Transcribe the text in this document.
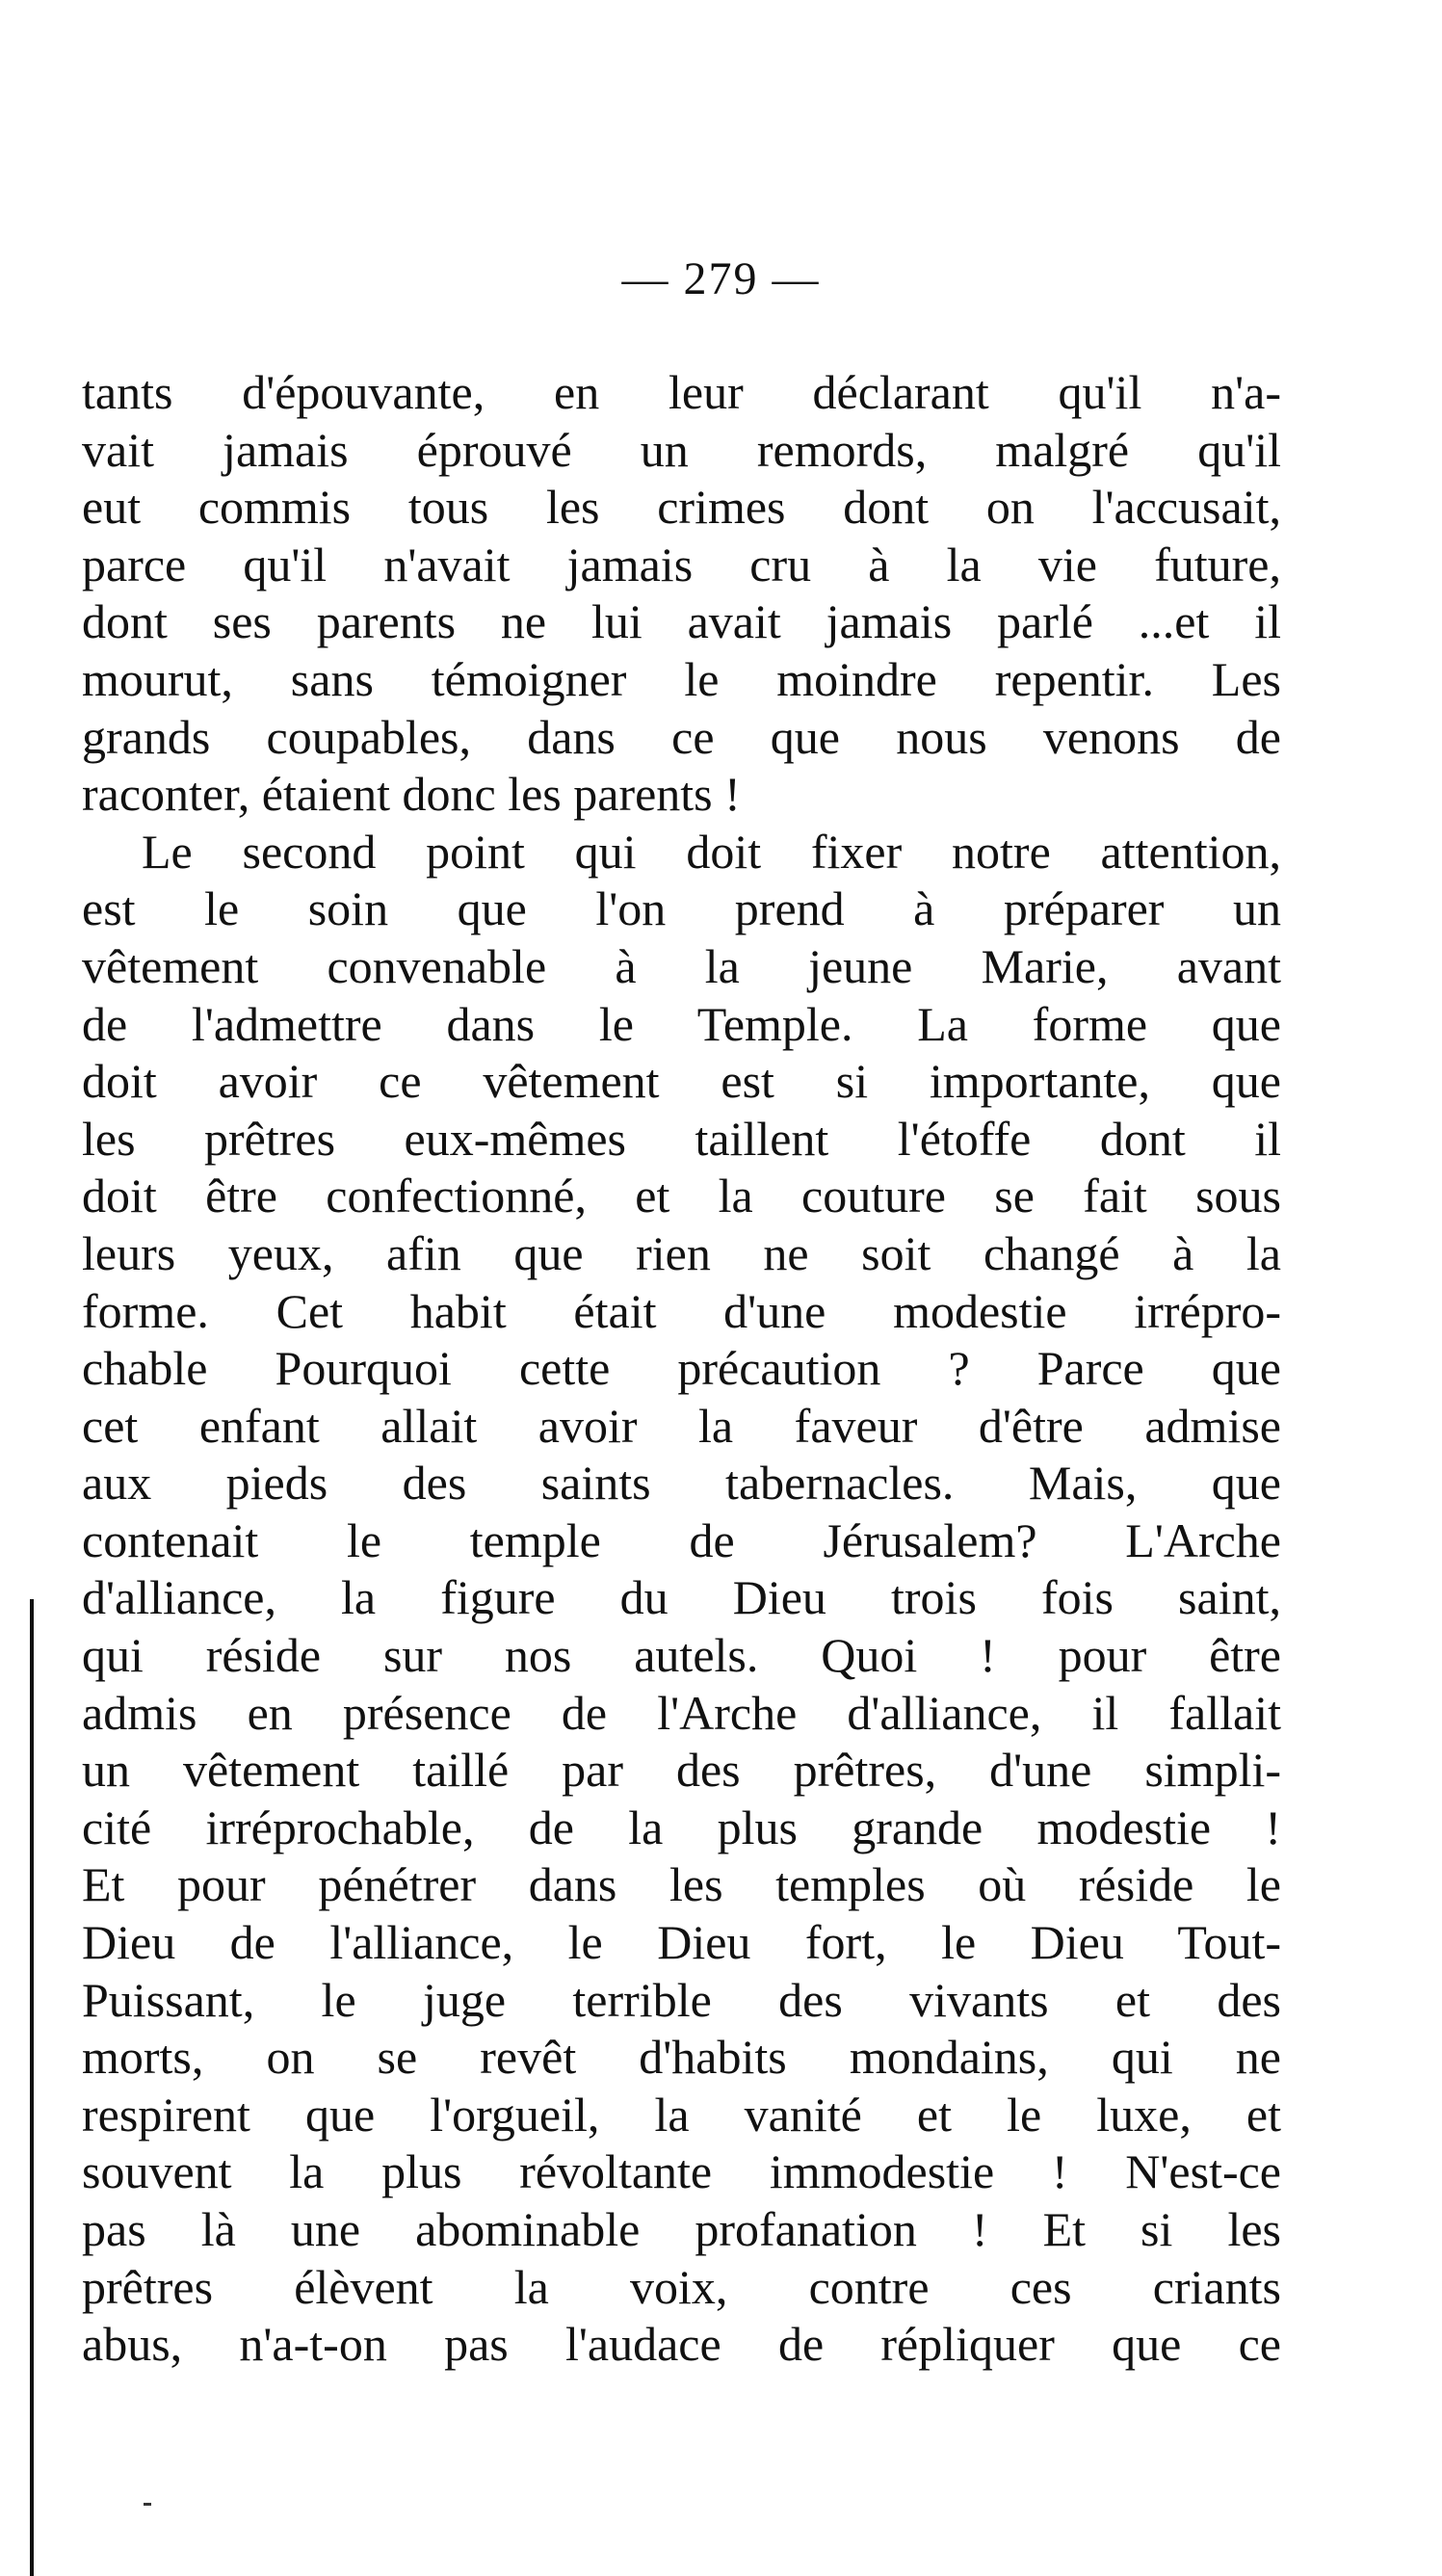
— 279 —
tants d'épouvante, en leur déclarant qu'il n'a-
vait jamais éprouvé un remords, malgré qu'il
eut commis tous les crimes dont on l'accusait,
parce qu'il n'avait jamais cru à la vie future,
dont ses parents ne lui avait jamais parlé ...et il
mourut, sans témoigner le moindre repentir. Les
grands coupables, dans ce que nous venons de
raconter, étaient donc les parents !
Le second point qui doit fixer notre attention,
est le soin que l'on prend à préparer un
vêtement convenable à la jeune Marie, avant
de l'admettre dans le Temple. La forme que
doit avoir ce vêtement est si importante, que
les prêtres eux-mêmes taillent l'étoffe dont il
doit être confectionné, et la couture se fait sous
leurs yeux, afin que rien ne soit changé à la
forme. Cet habit était d'une modestie irrépro-
chable Pourquoi cette précaution ? Parce que
cet enfant allait avoir la faveur d'être admise
aux pieds des saints tabernacles. Mais, que
contenait le temple de Jérusalem? L'Arche
d'alliance, la figure du Dieu trois fois saint,
qui réside sur nos autels. Quoi ! pour être
admis en présence de l'Arche d'alliance, il fallait
un vêtement taillé par des prêtres, d'une simpli-
cité irréprochable, de la plus grande modestie !
Et pour pénétrer dans les temples où réside le
Dieu de l'alliance, le Dieu fort, le Dieu Tout-
Puissant, le juge terrible des vivants et des
morts, on se revêt d'habits mondains, qui ne
respirent que l'orgueil, la vanité et le luxe, et
souvent la plus révoltante immodestie ! N'est-ce
pas là une abominable profanation ! Et si les
prêtres élèvent la voix, contre ces criants
abus, n'a-t-on pas l'audace de répliquer que ce
